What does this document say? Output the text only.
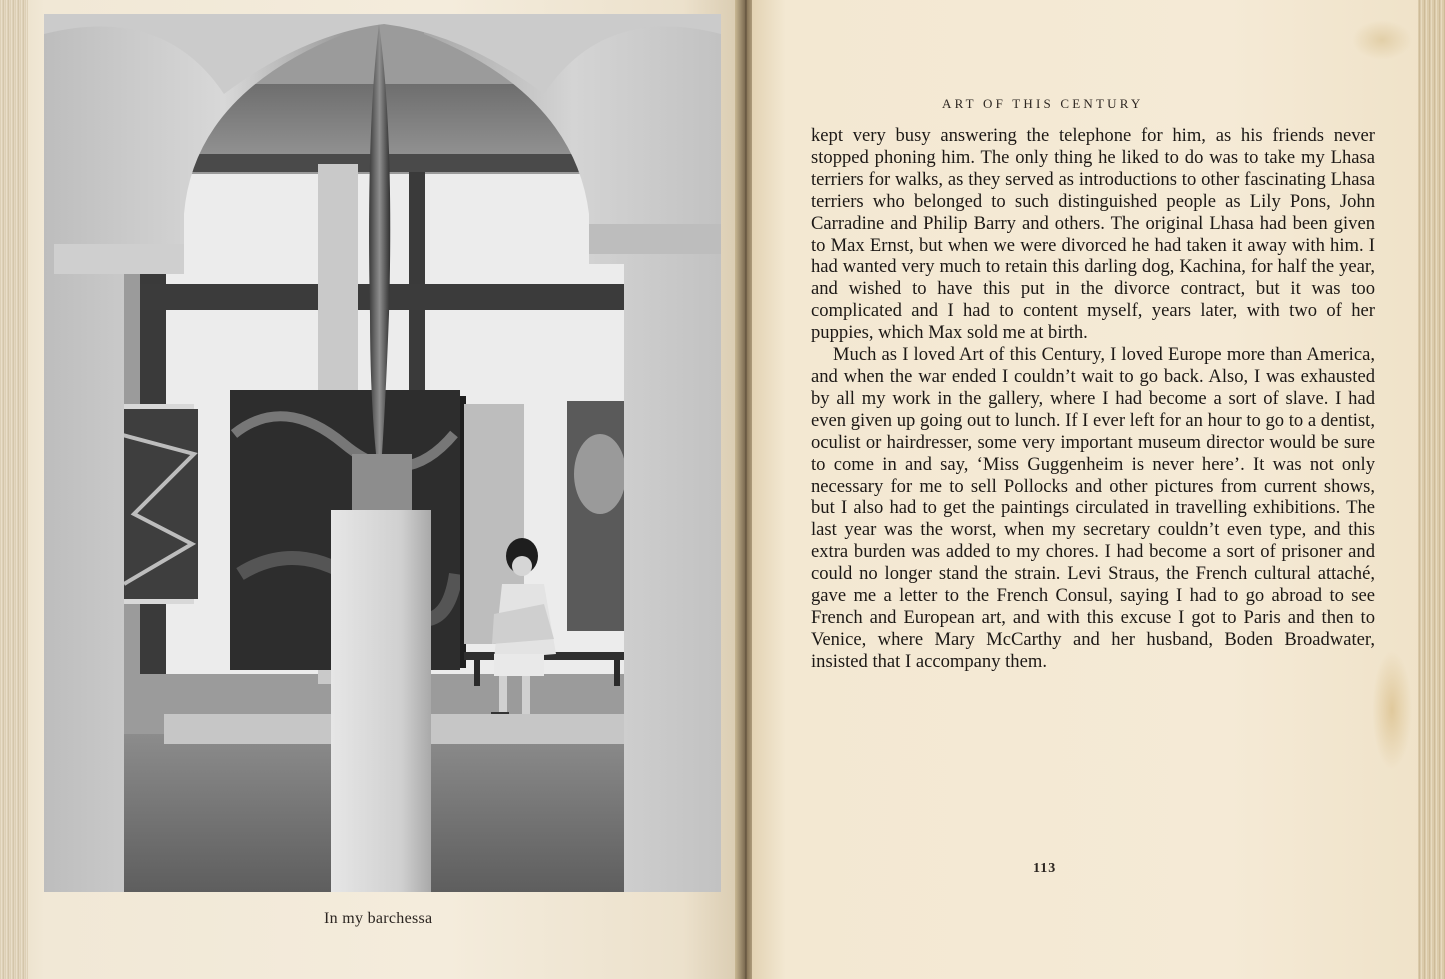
In my barchessa

ART OF THIS CENTURY

kept very busy answering the telephone for him, as his friends never stopped phoning him. The only thing he liked to do was to take my Lhasa terriers for walks, as they served as introductions to other fascinating Lhasa terriers who belonged to such distinguished people as Lily Pons, John Carradine and Philip Barry and others. The original Lhasa had been given to Max Ernst, but when we were divorced he had taken it away with him. I had wanted very much to retain this darling dog, Kachina, for half the year, and wished to have this put in the divorce contract, but it was too complicated and I had to content myself, years later, with two of her puppies, which Max sold me at birth.

Much as I loved Art of this Century, I loved Europe more than America, and when the war ended I couldn’t wait to go back. Also, I was exhausted by all my work in the gallery, where I had become a sort of slave. I had even given up going out to lunch. If I ever left for an hour to go to a dentist, oculist or hairdresser, some very important museum director would be sure to come in and say, ‘Miss Guggenheim is never here’. It was not only necessary for me to sell Pollocks and other pictures from current shows, but I also had to get the paintings circulated in travelling exhibitions. The last year was the worst, when my secretary couldn’t even type, and this extra burden was added to my chores. I had become a sort of prisoner and could no longer stand the strain. Levi Straus, the French cultural attaché, gave me a letter to the French Consul, saying I had to go abroad to see French and European art, and with this excuse I got to Paris and then to Venice, where Mary McCarthy and her husband, Boden Broadwater, insisted that I accompany them.

113
